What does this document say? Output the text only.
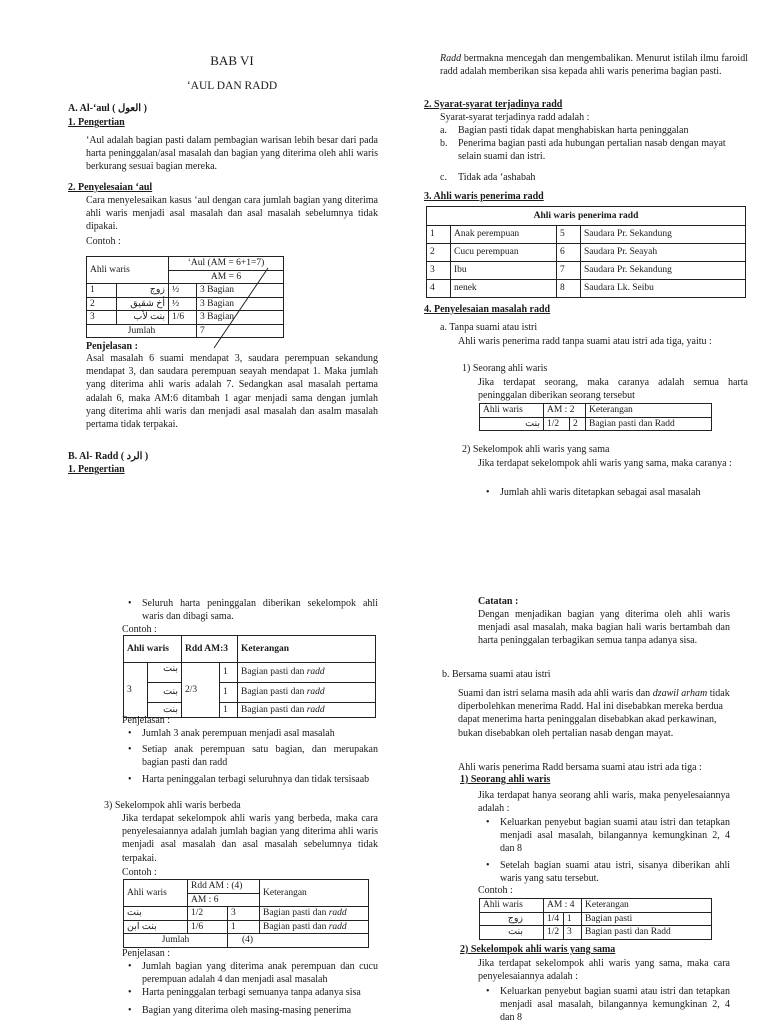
BAB VI
‘AUL DAN RADD
A. Al-‘aul ( العول )
1. Pengertian
‘Aul adalah bagian pasti dalam pembagian warisan lebih besar dari pada harta peninggalan/asal masalah dan bagian yang diterima oleh ahli waris berkurang sesuai bagian mereka.
2. Penyelesaian ‘aul
Cara menyelesaikan kasus ‘aul dengan cara jumlah bagian yang diterima ahli waris menjadi asal masalah dan asal masalah sebelumnya tidak dipakai.
Contoh :
Ahli waris		‘Aul (AM = 6+1=7)	
		AM = 6	
1	زوج	½	3 Bagian
2	أخ شقيق	½	3 Bagian
3	بنت لأب	1/6	3 Bagian
Jumlah			7
Penjelasan :
Asal masalah 6 suami mendapat 3, saudara perempuan sekandung mendapat 3, dan saudara perempuan seayah mendapat 1. Maka jumlah yang diterima ahli waris adalah 7. Sedangkan asal masalah pertama adalah 6, maka AM:6 ditambah 1 agar menjadi sama dengan jumlah yang diterima ahli waris dan menjadi asal masalah dan asalm masalah pertama tidak terpakai.
B. Al- Radd ( الرد )
1. Pengertian
Radd bermakna mencegah dan mengembalikan. Menurut istilah ilmu faroidl radd adalah memberikan sisa kepada ahli waris penerima bagian pasti.
2. Syarat-syarat terjadinya radd
Syarat-syarat terjadinya radd adalah :
a.	Bagian pasti tidak dapat menghabiskan harta peninggalan
b.	Penerima bagian pasti ada hubungan pertalian nasab dengan mayat selain suami dan istri.
c.	Tidak ada ‘ashabah
3. Ahli waris penerima radd
Ahli waris penerima radd			
1	Anak perempuan	5	Saudara Pr. Sekandung
2	Cucu perempuan	6	Saudara Pr. Seayah
3	Ibu	7	Saudara Pr. Sekandung
4	nenek	8	Saudara Lk. Seibu
4. Penyelesaian masalah radd
a. Tanpa suami atau istri
Ahli waris penerima radd tanpa suami atau istri ada tiga, yaitu :
1) Seorang ahli waris
Jika terdapat seorang, maka caranya adalah semua harta peninggalan diberikan seorang tersebut
Ahli waris	AM : 2		Keterangan
بنت	1/2	2	Bagian pasti dan Radd
2) Sekelompok ahli waris yang sama
Jika terdapat sekelompok ahli waris yang sama, maka caranya :
• Jumlah ahli waris ditetapkan sebagai asal masalah
• Seluruh harta peninggalan diberikan sekelompok ahli waris dan dibagi sama.
Contoh :
Ahli waris		Rdd AM:3		Keterangan
3	بنت	2/3	1	Bagian pasti dan radd
	بنت		1	Bagian pasti dan radd
	بنت		1	Bagian pasti dan radd
Penjelasan :
• Jumlah 3 anak perempuan menjadi asal masalah
• Setiap anak perempuan satu bagian, dan merupakan bagian pasti dan radd
• Harta peninggalan terbagi seluruhnya dan tidak tersisaab
3) Sekelompok ahli waris berbeda
Jika terdapat sekelompok ahli waris yang berbeda, maka cara penyelesaiannya adalah jumlah bagian yang diterima ahli waris menjadi asal masalah dan asal masalah sebelumnya tidak terpakai.
Contoh :
Ahli waris	Rdd AM : (4)		Keterangan
	AM : 6		
بنت	1/2	3	Bagian pasti dan radd
بنت ابن	1/6	1	Bagian pasti dan radd
Jumlah		(4)	
Penjelasan :
• Jumlah bagian yang diterima anak perempuan dan cucu perempuan adalah 4 dan menjadi asal masalah
• Harta peninggalan terbagi semuanya tanpa adanya sisa
• Bagian yang diterima oleh masing-masing penerima
Catatan :
Dengan menjadikan bagian yang diterima oleh ahli waris menjadi asal masalah, maka bagian hali waris bertambah dan harta peninggalan terbagikan semua tanpa adanya sisa.
b. Bersama suami atau istri
Suami dan istri selama masih ada ahli waris dan dzawil arham tidak diperbolehkan menerima Radd. Hal ini disebabkan mereka berdua dapat menerima harta peninggalan disebabkan akad perkawinan, bukan disebabkan oleh pertalian nasab dengan mayat.
Ahli waris penerima Radd bersama suami atau istri ada tiga :
1) Seorang ahli waris
Jika terdapat hanya seorang ahli waris, maka penyelesaiannya adalah :
• Keluarkan penyebut bagian suami atau istri dan tetapkan menjadi asal masalah, bilangannya kemungkinan 2, 4 dan 8
• Setelah bagian suami atau istri, sisanya diberikan ahli waris yang satu tersebut.
Contoh :
Ahli waris	AM : 4		Keterangan
زوج	1/4	1	Bagian pasti
بنت	1/2	3	Bagian pasti dan Radd
2) Sekelompok ahli waris yang sama
Jika terdapat sekelompok ahli waris yang sama, maka cara penyelesaiannya adalah :
• Keluarkan penyebut bagian suami atau istri dan tetapkan menjadi asal masalah, bilangannya kemungkinan 2, 4 dan 8
